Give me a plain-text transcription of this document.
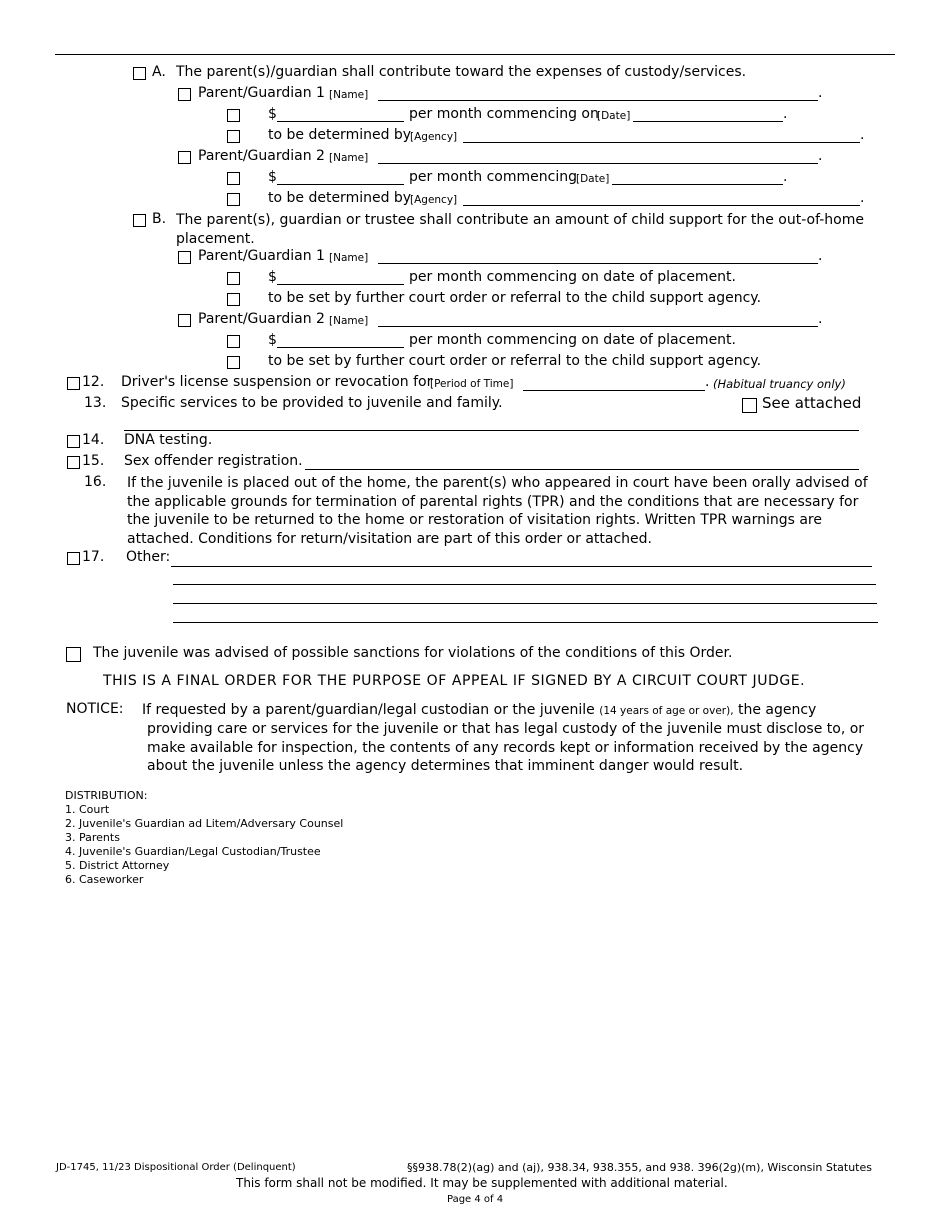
A. The parent(s)/guardian shall contribute toward the expenses of custody/services.
Parent/Guardian 1 [Name]	.
$	per month commencing on
[Date]	.
to be determined by
[Agency]	.
Parent/Guardian 2 [Name]	.
$	per month commencing [Date]	.
to be determined by
[Agency]	.
B. The parent(s), guardian or trustee shall contribute an amount of child support for the out-of-home placement.
Parent/Guardian 1 [Name]	.
$	per month commencing on date of placement.
to be set by further court order or referral to the child support agency.
Parent/Guardian 2 [Name]	.
$	per month commencing on date of placement.
to be set by further court order or referral to the child support agency.
12. Driver's license suspension or revocation for
[Period of Time]	. (Habitual truancy only)
13. Specific services to be provided to juvenile and family.	See attached
14. DNA testing.
15. Sex offender registration.
16. If the juvenile is placed out of the home, the parent(s) who appeared in court have been orally advised of the applicable grounds for termination of parental rights (TPR) and the conditions that are necessary for the juvenile to be returned to the home or restoration of visitation rights. Written TPR warnings are attached. Conditions for return/visitation are part of this order or attached.
17. Other:
The juvenile was advised of possible sanctions for violations of the conditions of this Order.
THIS IS A FINAL ORDER FOR THE PURPOSE OF APPEAL IF SIGNED BY A CIRCUIT COURT JUDGE.
NOTICE: If requested by a parent/guardian/legal custodian or the juvenile (14 years of age or over), the agency providing care or services for the juvenile or that has legal custody of the juvenile must disclose to, or make available for inspection, the contents of any records kept or information received by the agency about the juvenile unless the agency determines that imminent danger would result.
DISTRIBUTION:
1. Court
2. Juvenile's Guardian ad Litem/Adversary Counsel
3. Parents
4. Juvenile's Guardian/Legal Custodian/Trustee
5. District Attorney
6. Caseworker
JD-1745, 11/23 Dispositional Order (Delinquent)	§§938.78(2)(ag) and (aj), 938.34, 938.355, and 938. 396(2g)(m), Wisconsin Statutes
This form shall not be modified. It may be supplemented with additional material.
Page 4 of 4
